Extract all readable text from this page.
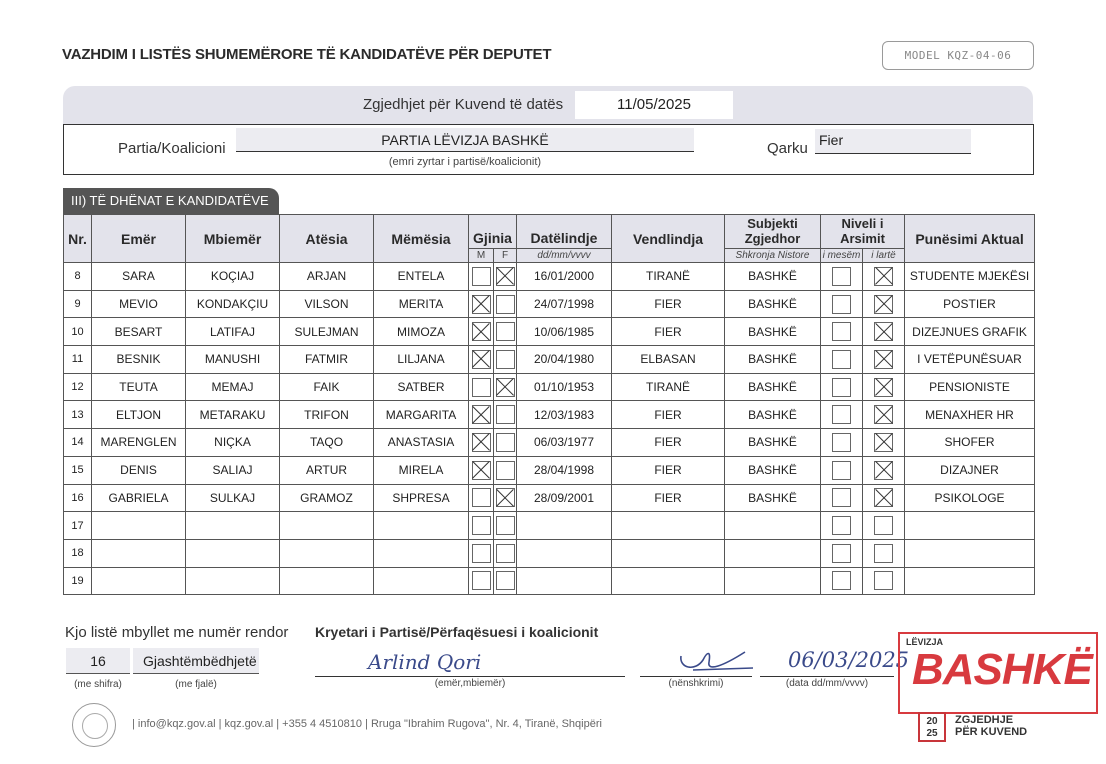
VAZHDIM I LISTËS SHUMEMËRORE TË KANDIDATËVE PËR DEPUTET	MODEL KQZ-04-06
Zgjedhjet për Kuvend të datës	11/05/2025
Partia/Koalicioni	PARTIA LËVIZJA BASHKË
(emri zyrtar i partisë/koalicionit)
Qarku Fier
III) TË DHËNAT E KANDIDATËVE
Nr.	Emër	Mbiemër	Atësia	Mëmësia	Gjinia		Datëlindje	Vendlindja	Subjekti Zgjedhor	Niveli i Arsimit		Punësimi Aktual
					M	F	dd/mm/vvvv		Shkronja Nistore	i mesëm	i lartë	
8	SARA	KOÇIAJ	ARJAN	ENTELA			16/01/2000	TIRANË	BASHKË			STUDENTE MJEKËSI
9	MEVIO	KONDAKÇIU	VILSON	MERITA			24/07/1998	FIER	BASHKË			POSTIER
10	BESART	LATIFAJ	SULEJMAN	MIMOZA			10/06/1985	FIER	BASHKË			DIZEJNUES GRAFIK
11	BESNIK	MANUSHI	FATMIR	LILJANA			20/04/1980	ELBASAN	BASHKË			I VETËPUNËSUAR
12	TEUTA	MEMAJ	FAIK	SATBER			01/10/1953	TIRANË	BASHKË			PENSIONISTE
13	ELTJON	METARAKU	TRIFON	MARGARITA			12/03/1983	FIER	BASHKË			MENAXHER HR
14	MARENGLEN	NIÇKA	TAQO	ANASTASIA			06/03/1977	FIER	BASHKË			SHOFER
15	DENIS	SALIAJ	ARTUR	MIRELA			28/04/1998	FIER	BASHKË			DIZAJNER
16	GABRIELA	SULKAJ	GRAMOZ	SHPRESA			28/09/2001	FIER	BASHKË			PSIKOLOGE
17												
18												
19												
Kjo listë mbyllet me numër rendor
16	Gjashtëmbëdhjetë
(me shifra)	(me fjalë)
Kryetari i Partisë/Përfaqësuesi i koalicionit
Arlind Qori
(emër,mbiemër)	(nënshkrimi)
06/03/2025
(data dd/mm/vvvv)
| info@kqz.gov.al | kqz.gov.al | +355 4 4510810 | Rruga "Ibrahim Rugova", Nr. 4, Tiranë, Shqipëri
LËVIZJA
BASHKË
20
25
ZGJEDHJE
PËR KUVEND
